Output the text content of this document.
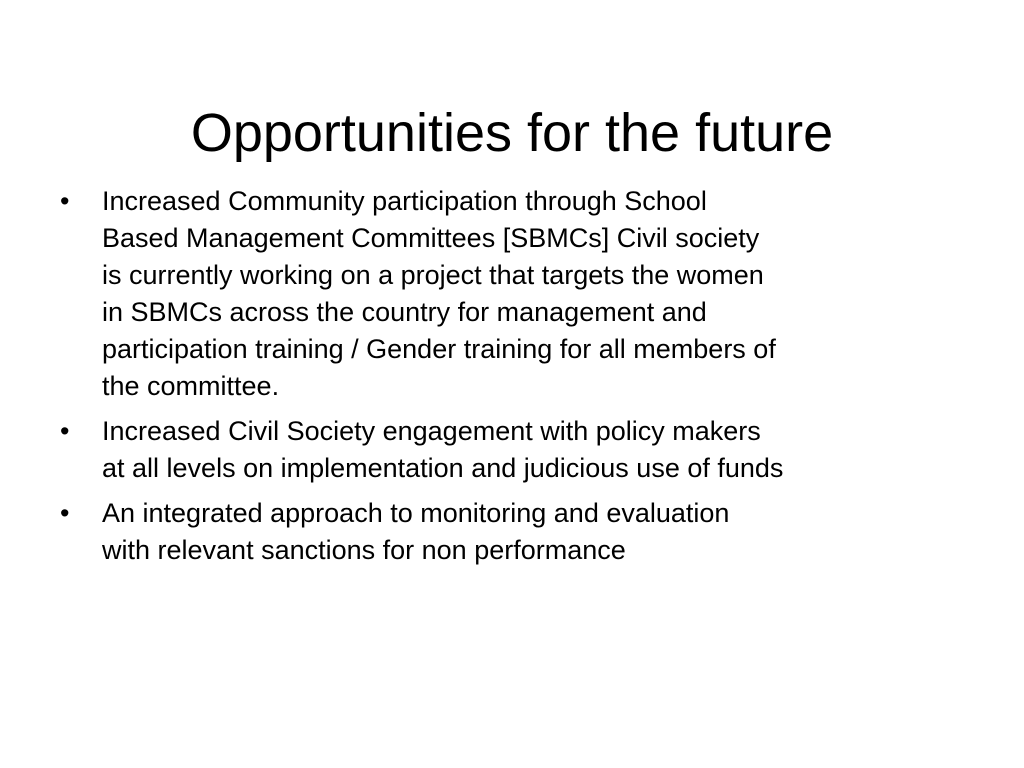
Opportunities for the future
•	Increased Community participation through School
Based Management Committees [SBMCs] Civil society
is currently working on a project that targets the women
in SBMCs across the country for management and
participation training / Gender training for all members of
the committee.
•	Increased Civil Society engagement with policy makers
at all levels on implementation and judicious use of funds
•	An integrated approach to monitoring and evaluation
with relevant sanctions for non performance
